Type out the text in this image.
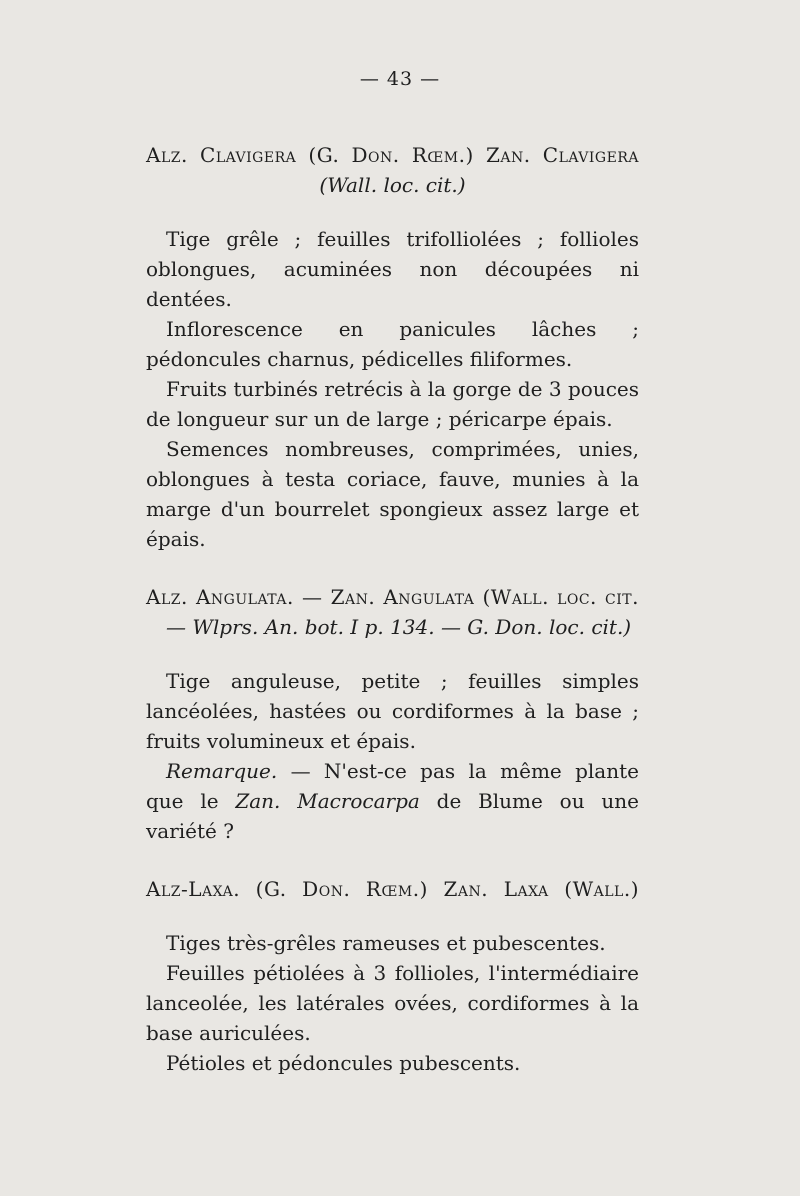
— 43 —
Alz. Clavigera (G. Don. Rœm.) Zan. Clavigera
(Wall. loc. cit.)

Tige grêle ; feuilles trifolliolées ; follioles oblongues, acuminées non découpées ni dentées.

Inflorescence en panicules lâches ; pédoncules charnus, pédicelles filiformes.

Fruits turbinés retrécis à la gorge de 3 pouces de longueur sur un de large ; péricarpe épais.

Semences nombreuses, comprimées, unies, oblongues à testa coriace, fauve, munies à la marge d'un bourrelet spongieux assez large et épais.

Alz. Angulata. — Zan. Angulata (Wall. loc. cit.
— Wlprs. An. bot. I p. 134. — G. Don. loc. cit.)

Tige anguleuse, petite ; feuilles simples lancéolées, hastées ou cordiformes à la base ; fruits volumineux et épais.

Remarque. — N'est-ce pas la même plante que le Zan. Macrocarpa de Blume ou une variété ?

Alz-Laxa. (G. Don. Rœm.) Zan. Laxa (Wall.)

Tiges très-grêles rameuses et pubescentes.

Feuilles pétiolées à 3 follioles, l'intermédiaire lanceolée, les latérales ovées, cordiformes à la base auriculées.

Pétioles et pédoncules pubescents.
